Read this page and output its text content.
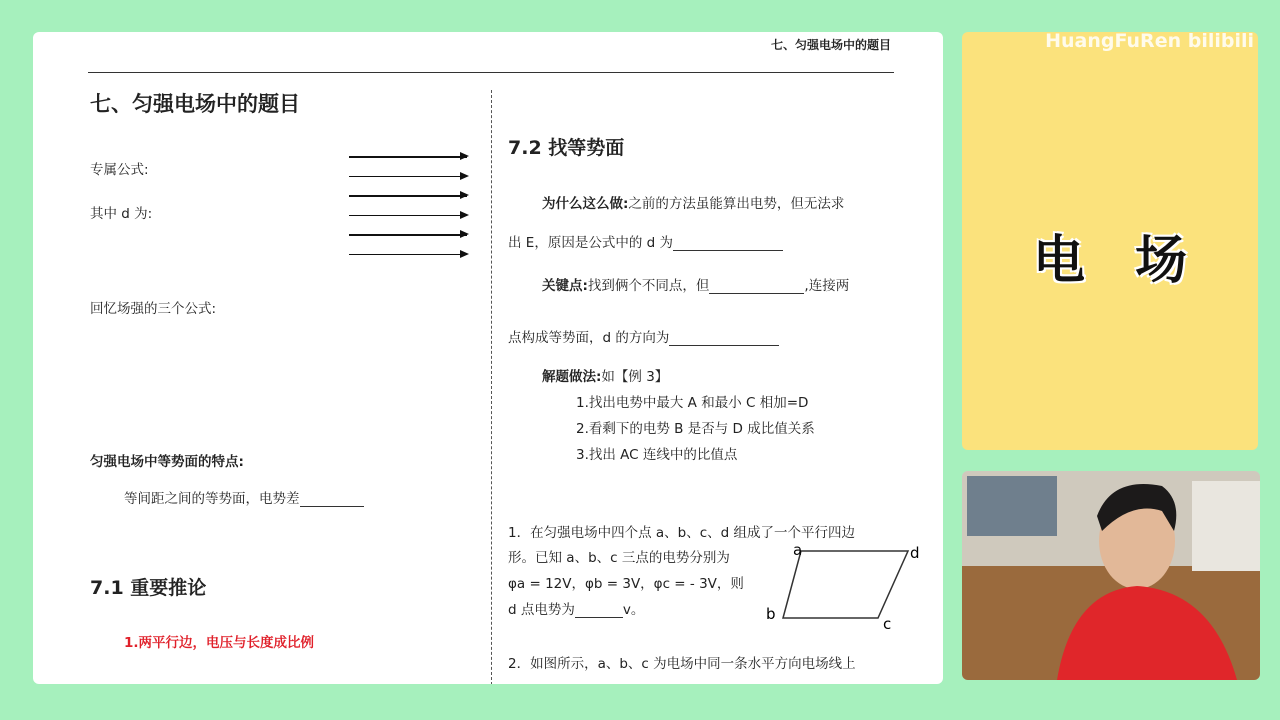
七、匀强电场中的题目
七、匀强电场中的题目
专属公式:
其中 d 为:
回忆场强的三个公式:
匀强电场中等势面的特点:
等间距之间的等势面，电势差
7.1 重要推论
1.两平行边，电压与长度成比例
7.2 找等势面
为什么这么做:之前的方法虽能算出电势，但无法求
出 E，原因是公式中的 d 为
关键点:找到俩个不同点，但	,连接两
点构成等势面，d 的方向为
解题做法:如【例 3】
1.找出电势中最大 A 和最小 C 相加=D
2.看剩下的电势 B 是否与 D 成比值关系
3.找出 AC 连线中的比值点
1．在匀强电场中四个点 a、b、c、d 组成了一个平行四边
形。已知 a、b、c 三点的电势分别为
φa = 12V，φb = 3V，φc = - 3V，则
d 点电势为	v。
a	d
b
c
2．如图所示，a、b、c 为电场中同一条水平方向电场线上
HuangFuRen bilibili
电场
